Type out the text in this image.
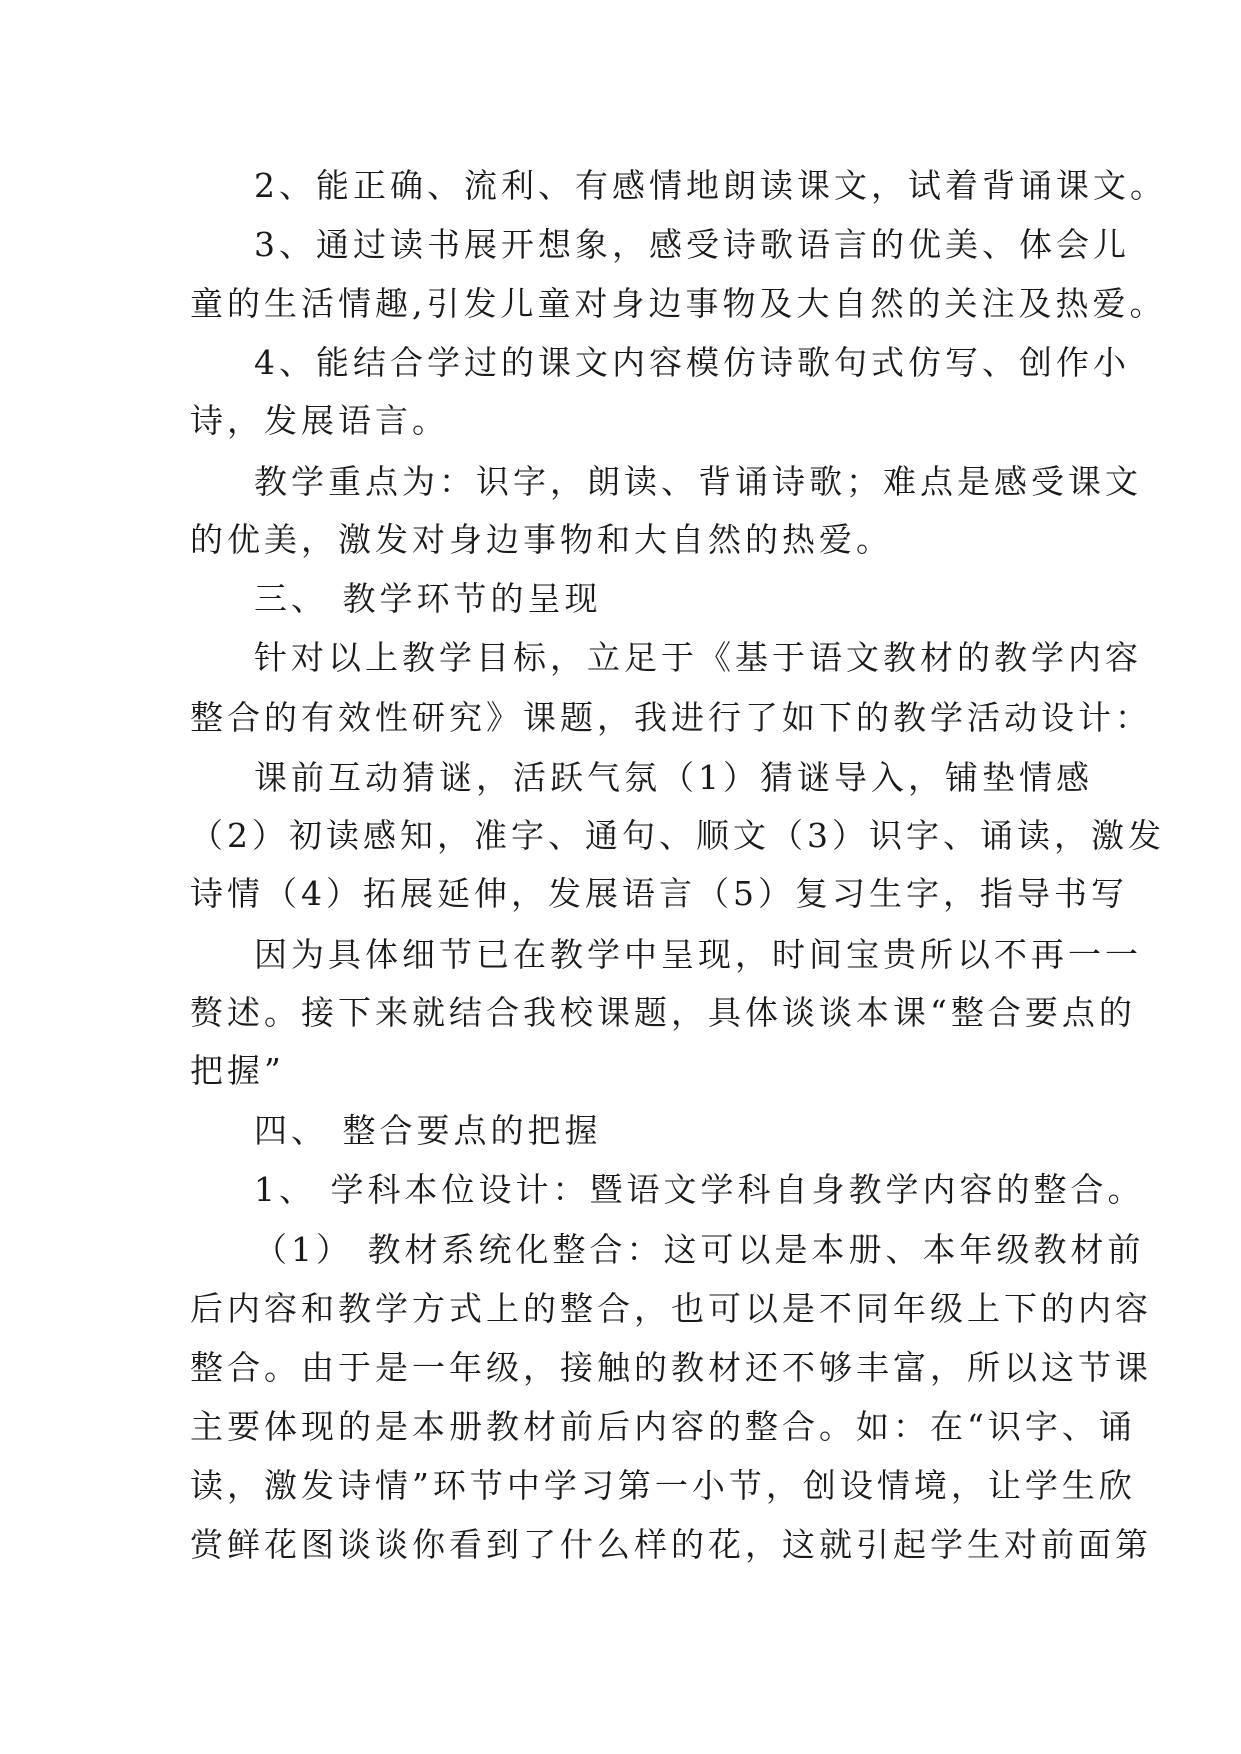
2、能正确、流利、有感情地朗读课文，试着背诵课文。
3、通过读书展开想象，感受诗歌语言的优美、体会儿
童的生活情趣,引发儿童对身边事物及大自然的关注及热爱。
4、能结合学过的课文内容模仿诗歌句式仿写、创作小
诗，发展语言。
教学重点为：识字，朗读、背诵诗歌；难点是感受课文
的优美，激发对身边事物和大自然的热爱。
三、 教学环节的呈现
针对以上教学目标，立足于《基于语文教材的教学内容
整合的有效性研究》课题，我进行了如下的教学活动设计：
课前互动猜谜，活跃气氛（1）猜谜导入，铺垫情感
（2）初读感知，准字、通句、顺文（3）识字、诵读，激发
诗情（4）拓展延伸，发展语言（5）复习生字，指导书写
因为具体细节已在教学中呈现，时间宝贵所以不再一一
赘述。接下来就结合我校课题，具体谈谈本课“整合要点的
把握”
四、 整合要点的把握
1、 学科本位设计：暨语文学科自身教学内容的整合。
（1） 教材系统化整合：这可以是本册、本年级教材前
后内容和教学方式上的整合，也可以是不同年级上下的内容
整合。由于是一年级，接触的教材还不够丰富，所以这节课
主要体现的是本册教材前后内容的整合。如：在“识字、诵
读，激发诗情”环节中学习第一小节，创设情境，让学生欣
赏鲜花图谈谈你看到了什么样的花，这就引起学生对前面第
